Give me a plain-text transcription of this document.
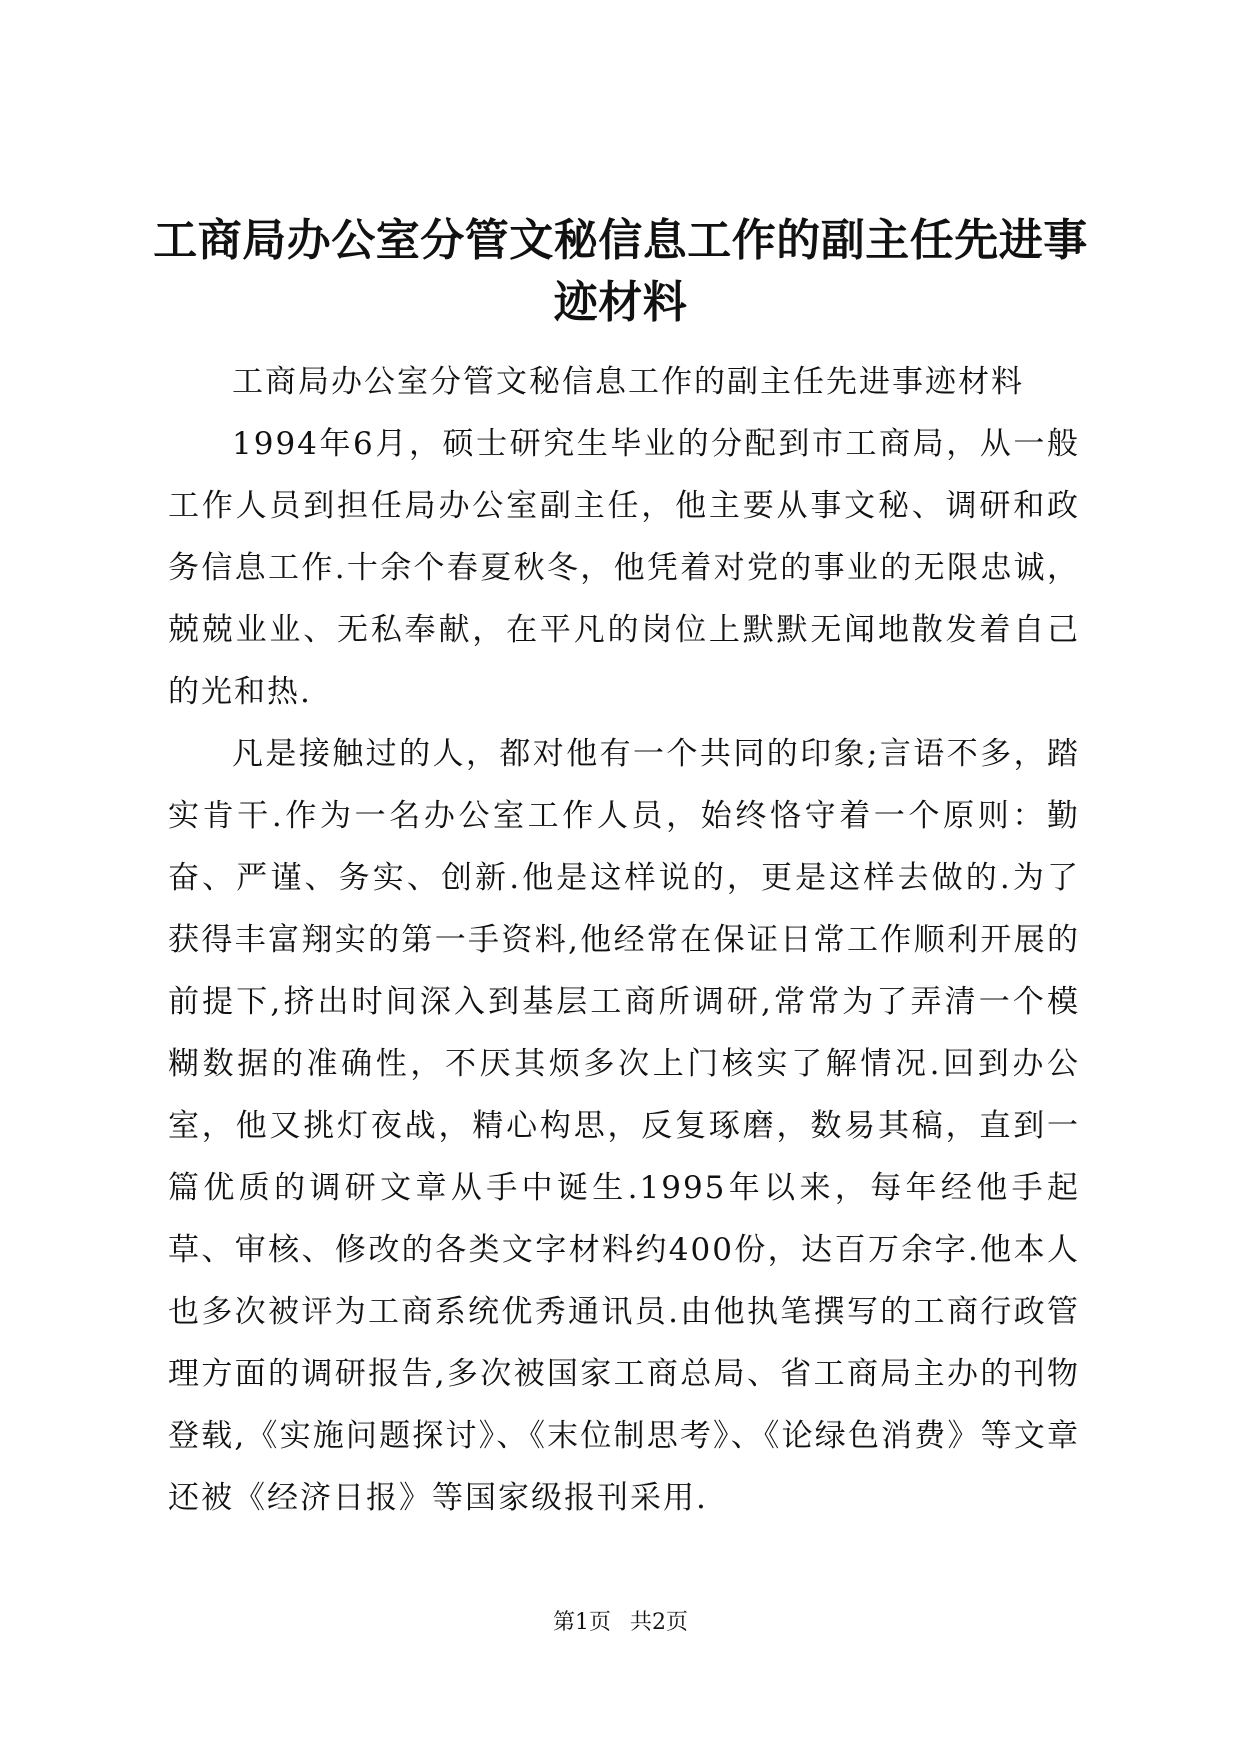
工商局办公室分管文秘信息工作的副主任先进事迹材料

工商局办公室分管文秘信息工作的副主任先进事迹材料

1994年6月，硕士研究生毕业的分配到市工商局，从一般工作人员到担任局办公室副主任，他主要从事文秘、调研和政务信息工作.十余个春夏秋冬，他凭着对党的事业的无限忠诚，兢兢业业、无私奉献，在平凡的岗位上默默无闻地散发着自己的光和热.

凡是接触过的人，都对他有一个共同的印象;言语不多，踏实肯干.作为一名办公室工作人员，始终恪守着一个原则：勤奋、严谨、务实、创新.他是这样说的，更是这样去做的.为了获得丰富翔实的第一手资料,他经常在保证日常工作顺利开展的前提下,挤出时间深入到基层工商所调研,常常为了弄清一个模糊数据的准确性，不厌其烦多次上门核实了解情况.回到办公室，他又挑灯夜战，精心构思，反复琢磨，数易其稿，直到一篇优质的调研文章从手中诞生.1995年以来，每年经他手起草、审核、修改的各类文字材料约400份，达百万余字.他本人也多次被评为工商系统优秀通讯员.由他执笔撰写的工商行政管理方面的调研报告,多次被国家工商总局、省工商局主办的刊物登载,《实施问题探讨》、《末位制思考》、《论绿色消费》等文章还被《经济日报》等国家级报刊采用.

第1页 共2页
